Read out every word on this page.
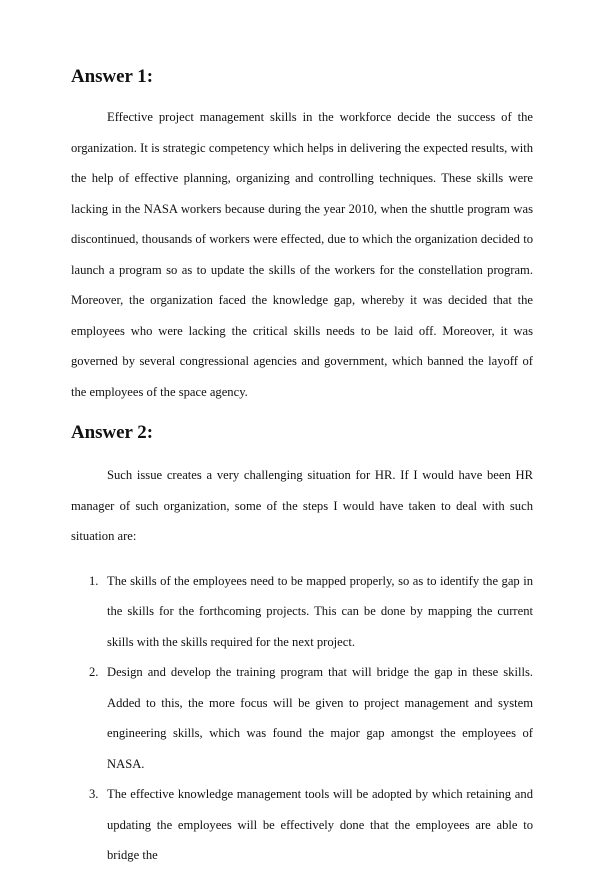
Answer 1:
Effective project management skills in the workforce decide the success of the organization. It is strategic competency which helps in delivering the expected results, with the help of effective planning, organizing and controlling techniques. These skills were lacking in the NASA workers because during the year 2010, when the shuttle program was discontinued, thousands of workers were effected, due to which the organization decided to launch a program so as to update the skills of the workers for the constellation program. Moreover, the organization faced the knowledge gap, whereby it was decided that the employees who were lacking the critical skills needs to be laid off. Moreover, it was governed by several congressional agencies and government, which banned the layoff of the employees of the space agency.
Answer 2:
Such issue creates a very challenging situation for HR. If I would have been HR manager of such organization, some of the steps I would have taken to deal with such situation are:
1. The skills of the employees need to be mapped properly, so as to identify the gap in the skills for the forthcoming projects. This can be done by mapping the current skills with the skills required for the next project.
2. Design and develop the training program that will bridge the gap in these skills. Added to this, the more focus will be given to project management and system engineering skills, which was found the major gap amongst the employees of NASA.
3. The effective knowledge management tools will be adopted by which retaining and updating the employees will be effectively done that the employees are able to bridge the
